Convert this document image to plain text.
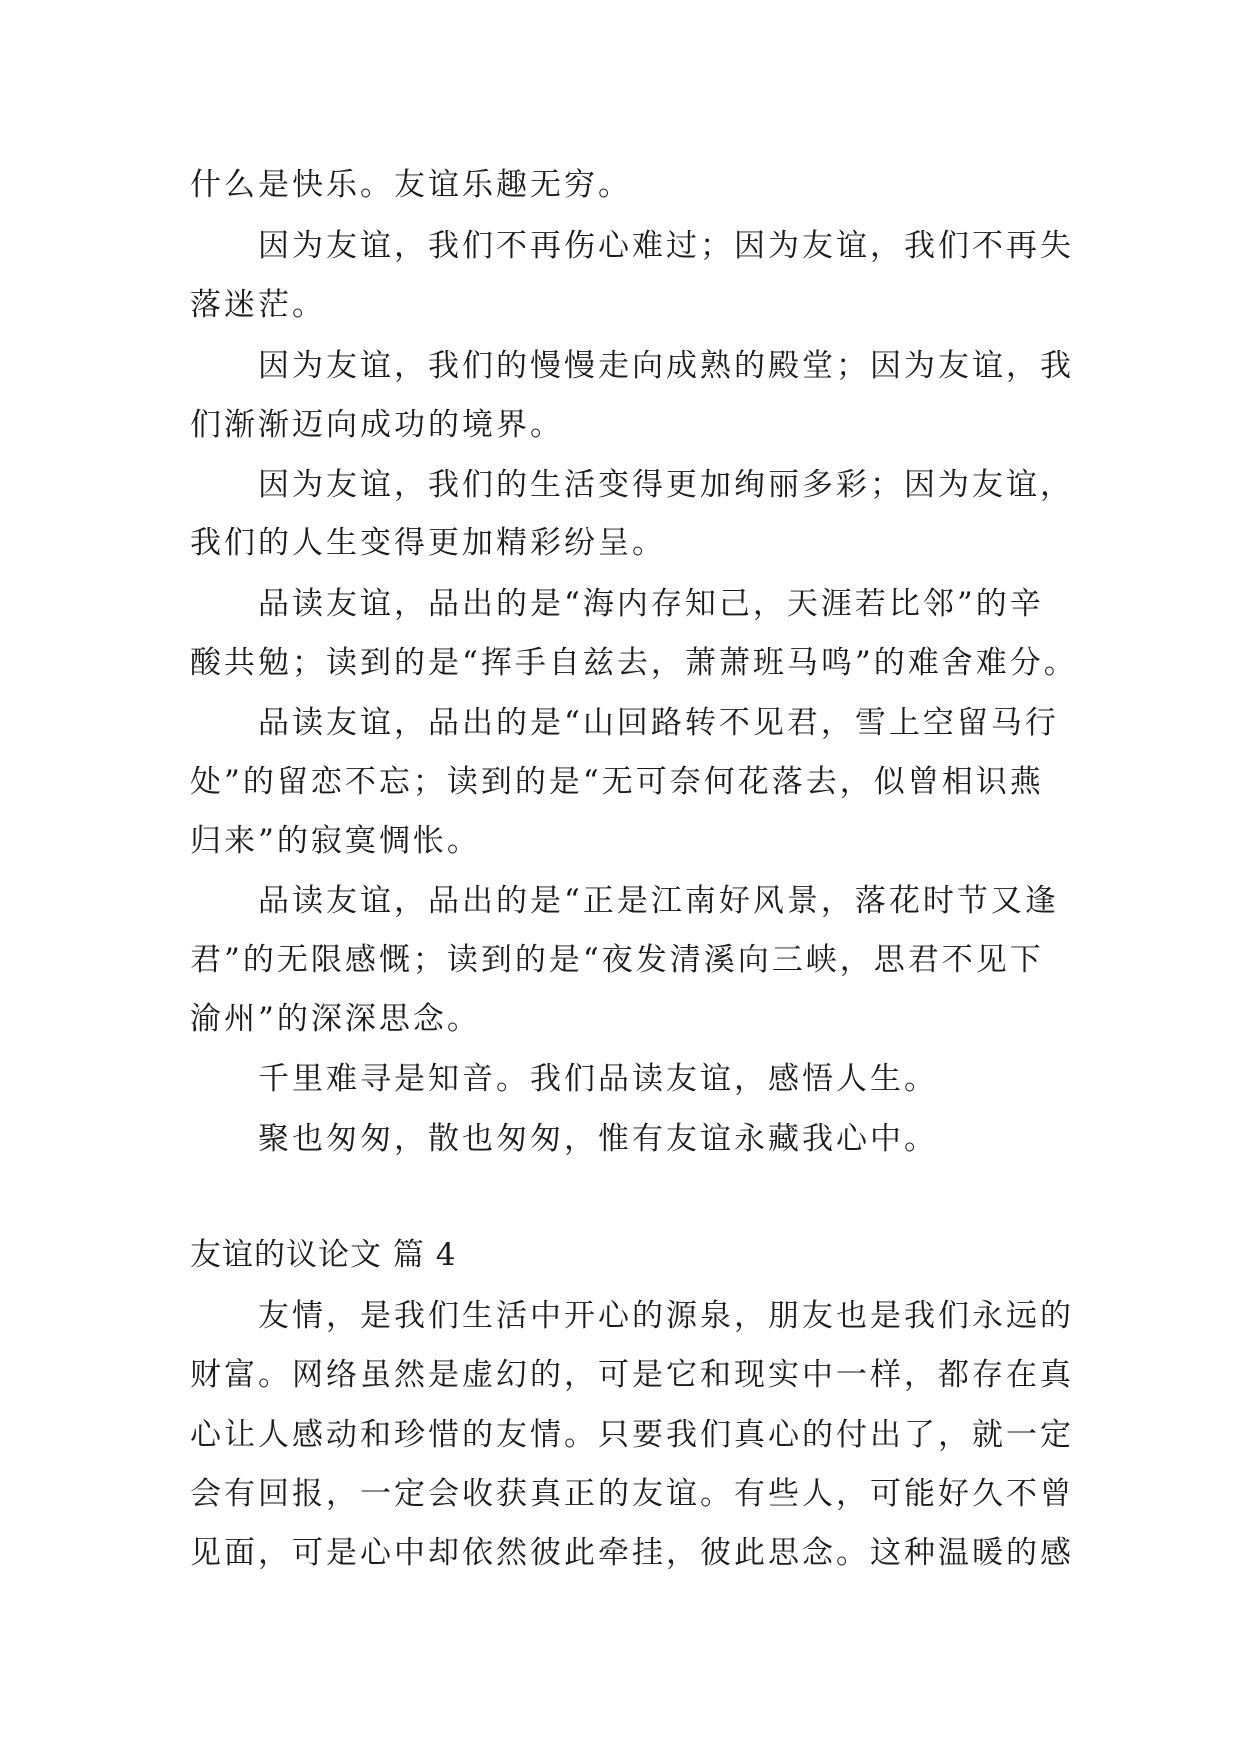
什么是快乐。友谊乐趣无穷。

因为友谊，我们不再伤心难过；因为友谊，我们不再失

落迷茫。

因为友谊，我们的慢慢走向成熟的殿堂；因为友谊，我

们渐渐迈向成功的境界。

因为友谊，我们的生活变得更加绚丽多彩；因为友谊，

我们的人生变得更加精彩纷呈。

品读友谊，品出的是“海内存知己，天涯若比邻”的辛

酸共勉；读到的是“挥手自兹去，萧萧班马鸣”的难舍难分。

品读友谊，品出的是“山回路转不见君，雪上空留马行

处”的留恋不忘；读到的是“无可奈何花落去，似曾相识燕

归来”的寂寞惆怅。

品读友谊，品出的是“正是江南好风景，落花时节又逢

君”的无限感慨；读到的是“夜发清溪向三峡，思君不见下

渝州”的深深思念。

千里难寻是知音。我们品读友谊，感悟人生。

聚也匆匆，散也匆匆，惟有友谊永藏我心中。

友谊的议论文 篇 4

友情，是我们生活中开心的源泉，朋友也是我们永远的

财富。网络虽然是虚幻的，可是它和现实中一样，都存在真

心让人感动和珍惜的友情。只要我们真心的付出了，就一定

会有回报，一定会收获真正的友谊。有些人，可能好久不曾

见面，可是心中却依然彼此牵挂，彼此思念。这种温暖的感
